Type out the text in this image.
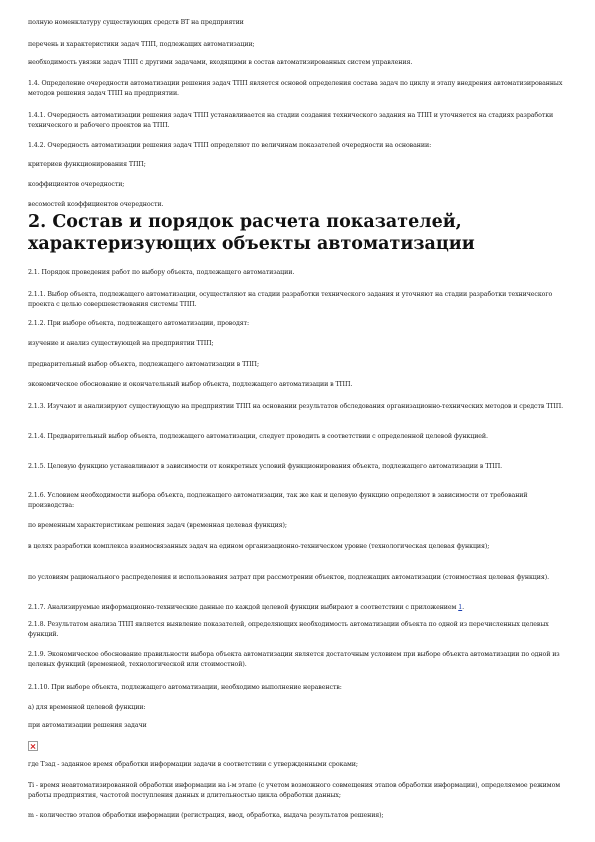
полную номенклатуру существующих средств ВТ на предприятии
перечень и характеристики задач ТПП, подлежащих автоматизации;
необходимость увязки задач ТПП с другими задачами, входящими в состав автоматизированных систем управления.
1.4. Определение очередности автоматизации решения задач ТПП является основой определения состава задач по циклу и этапу внедрения автоматизированных методов решения задач ТПП на предприятии.
1.4.1. Очередность автоматизации решения задач ТПП устанавливается на стадии создания технического задания на ТПП и уточняется на стадиях разработки технического и рабочего проектов на ТПП.
1.4.2. Очередность автоматизации решения задач ТПП определяют по величинам показателей очередности на основании:
критериев функционирования ТПП;
коэффициентов очередности;
весомостей коэффициентов очередности.
2. Состав и порядок расчета показателей, характеризующих объекты автоматизации
2.1. Порядок проведения работ по выбору объекта, подлежащего автоматизации.
2.1.1. Выбор объекта, подлежащего автоматизации, осуществляют на стадии разработки технического задания и уточняют на стадии разработки технического проекта с целью совершенствования системы ТПП.
2.1.2. При выборе объекта, подлежащего автоматизации, проводят:
изучение и анализ существующей на предприятии ТПП;
предварительный выбор объекта, подлежащего автоматизации в ТПП;
экономическое обоснование и окончательный выбор объекта, подлежащего автоматизации в ТПП.
2.1.3. Изучают и анализируют существующую на предприятии ТПП на основании результатов обследования организационно-технических методов и средств ТПП.
2.1.4. Предварительный выбор объекта, подлежащего автоматизации, следует проводить в соответствии с определенной целевой функцией.
2.1.5. Целевую функцию устанавливают в зависимости от конкретных условий функционирования объекта, подлежащего автоматизации в ТПП.
2.1.6. Условием необходимости выбора объекта, подлежащего автоматизации, так же как и целевую функцию определяют в зависимости от требований производства:
по временным характеристикам решения задач (временная целевая функция);
в целях разработки комплекса взаимосвязанных задач на едином организационно-техническом уровне (технологическая целевая функция);
по условиям рационального распределения и использования затрат при рассмотрении объектов, подлежащих автоматизации (стоимостная целевая функция).
2.1.7. Анализируемые информационно-технические данные по каждой целевой функции выбирают в соответствии с приложением 1.
2.1.8. Результатом анализа ТПП является выявление показателей, определяющих необходимость автоматизации объекта по одной из перечисленных целевых функций.
2.1.9. Экономическое обоснование правильности выбора объекта автоматизации является достаточным условием при выборе объекта автоматизации по одной из целевых функций (временной, технологической или стоимостной).
2.1.10. При выборе объекта, подлежащего автоматизации, необходимо выполнение неравенств:
а) для временной целевой функции:
при автоматизации решения задачи
где Тзад - заданное время обработки информации задачи в соответствии с утвержденными сроками;
Ti - время неавтоматизированной обработки информации на i-м этапе (с учетом возможного совмещения этапов обработки информации), определяемое режимом работы предприятия, частотой поступления данных и длительностью цикла обработки данных;
m - количество этапов обработки информации (регистрация, ввод, обработка, выдача результатов решения);
